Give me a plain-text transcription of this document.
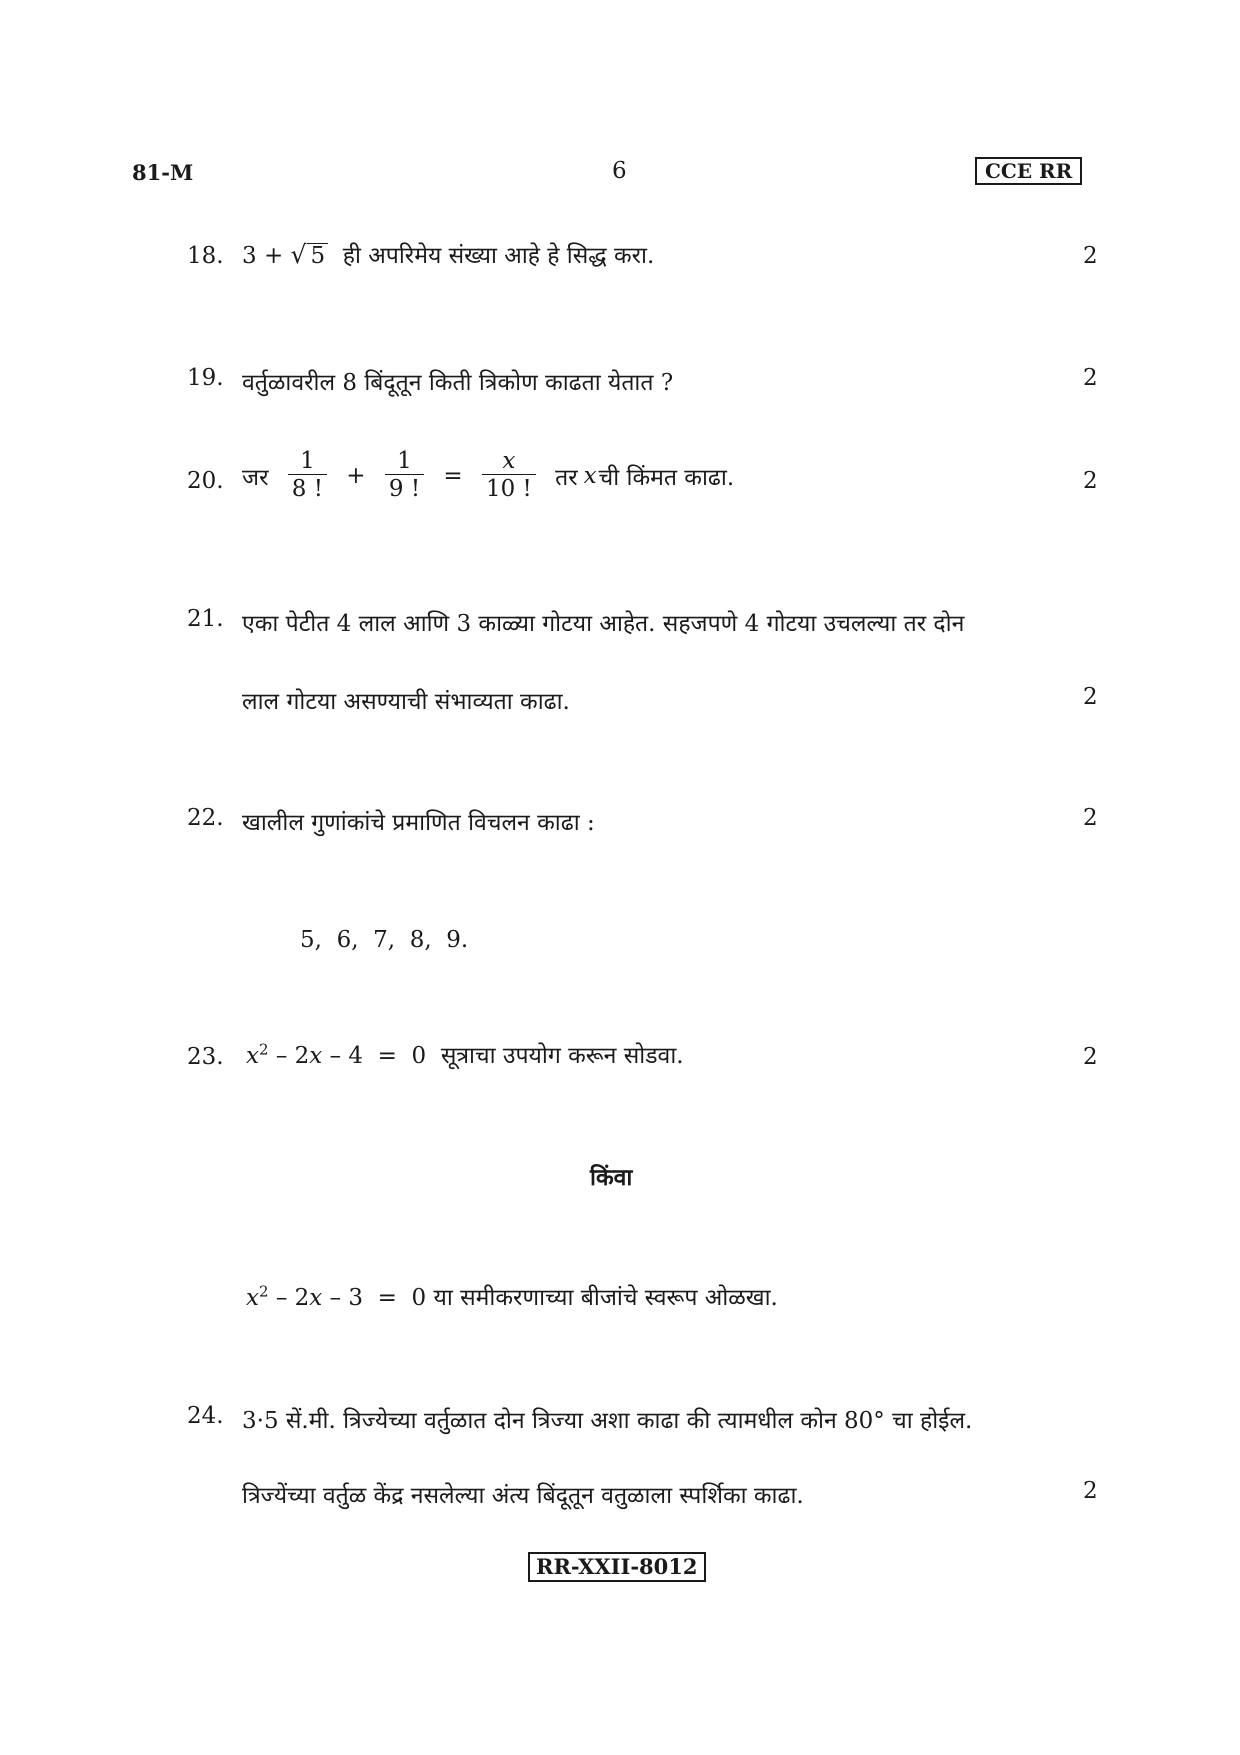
81-M	6	CCE RR
18. 3 + √ 5 ही अपरिमेय संख्या आहे हे सिद्ध करा.	2
19. वर्तुळावरील 8 बिंदूतून किती त्रिकोण काढता येतात ?	2
20. जर $\frac{1}{8 !} + \frac{1}{9 !} = \frac{x}{10 !}$ तर xची किंमत काढा.	2
21. एका पेटीत 4 लाल आणि 3 काळ्या गोटया आहेत. सहजपणे 4 गोटया उचलल्या तर दोन
लाल गोटया असण्याची संभाव्यता काढा.	2
22. खालील गुणांकांचे प्रमाणित विचलन काढा :	2
5,  6,  7,  8,  9.
23. $x^2 - 2x - 4 = 0$ सूत्राचा उपयोग करून सोडवा.	2
किंवा
$x^2 - 2x - 3 = 0$ या समीकरणाच्या बीजांचे स्वरूप ओळखा.
24. 3·5 सें.मी. त्रिज्येच्या वर्तुळात दोन त्रिज्या अशा काढा की त्यामधील कोन 80° चा होईल.
त्रिज्येंच्या वर्तुळ केंद्र नसलेल्या अंत्य बिंदूतून वतुळाला स्पर्शिका काढा.	2
RR-XXII-8012
